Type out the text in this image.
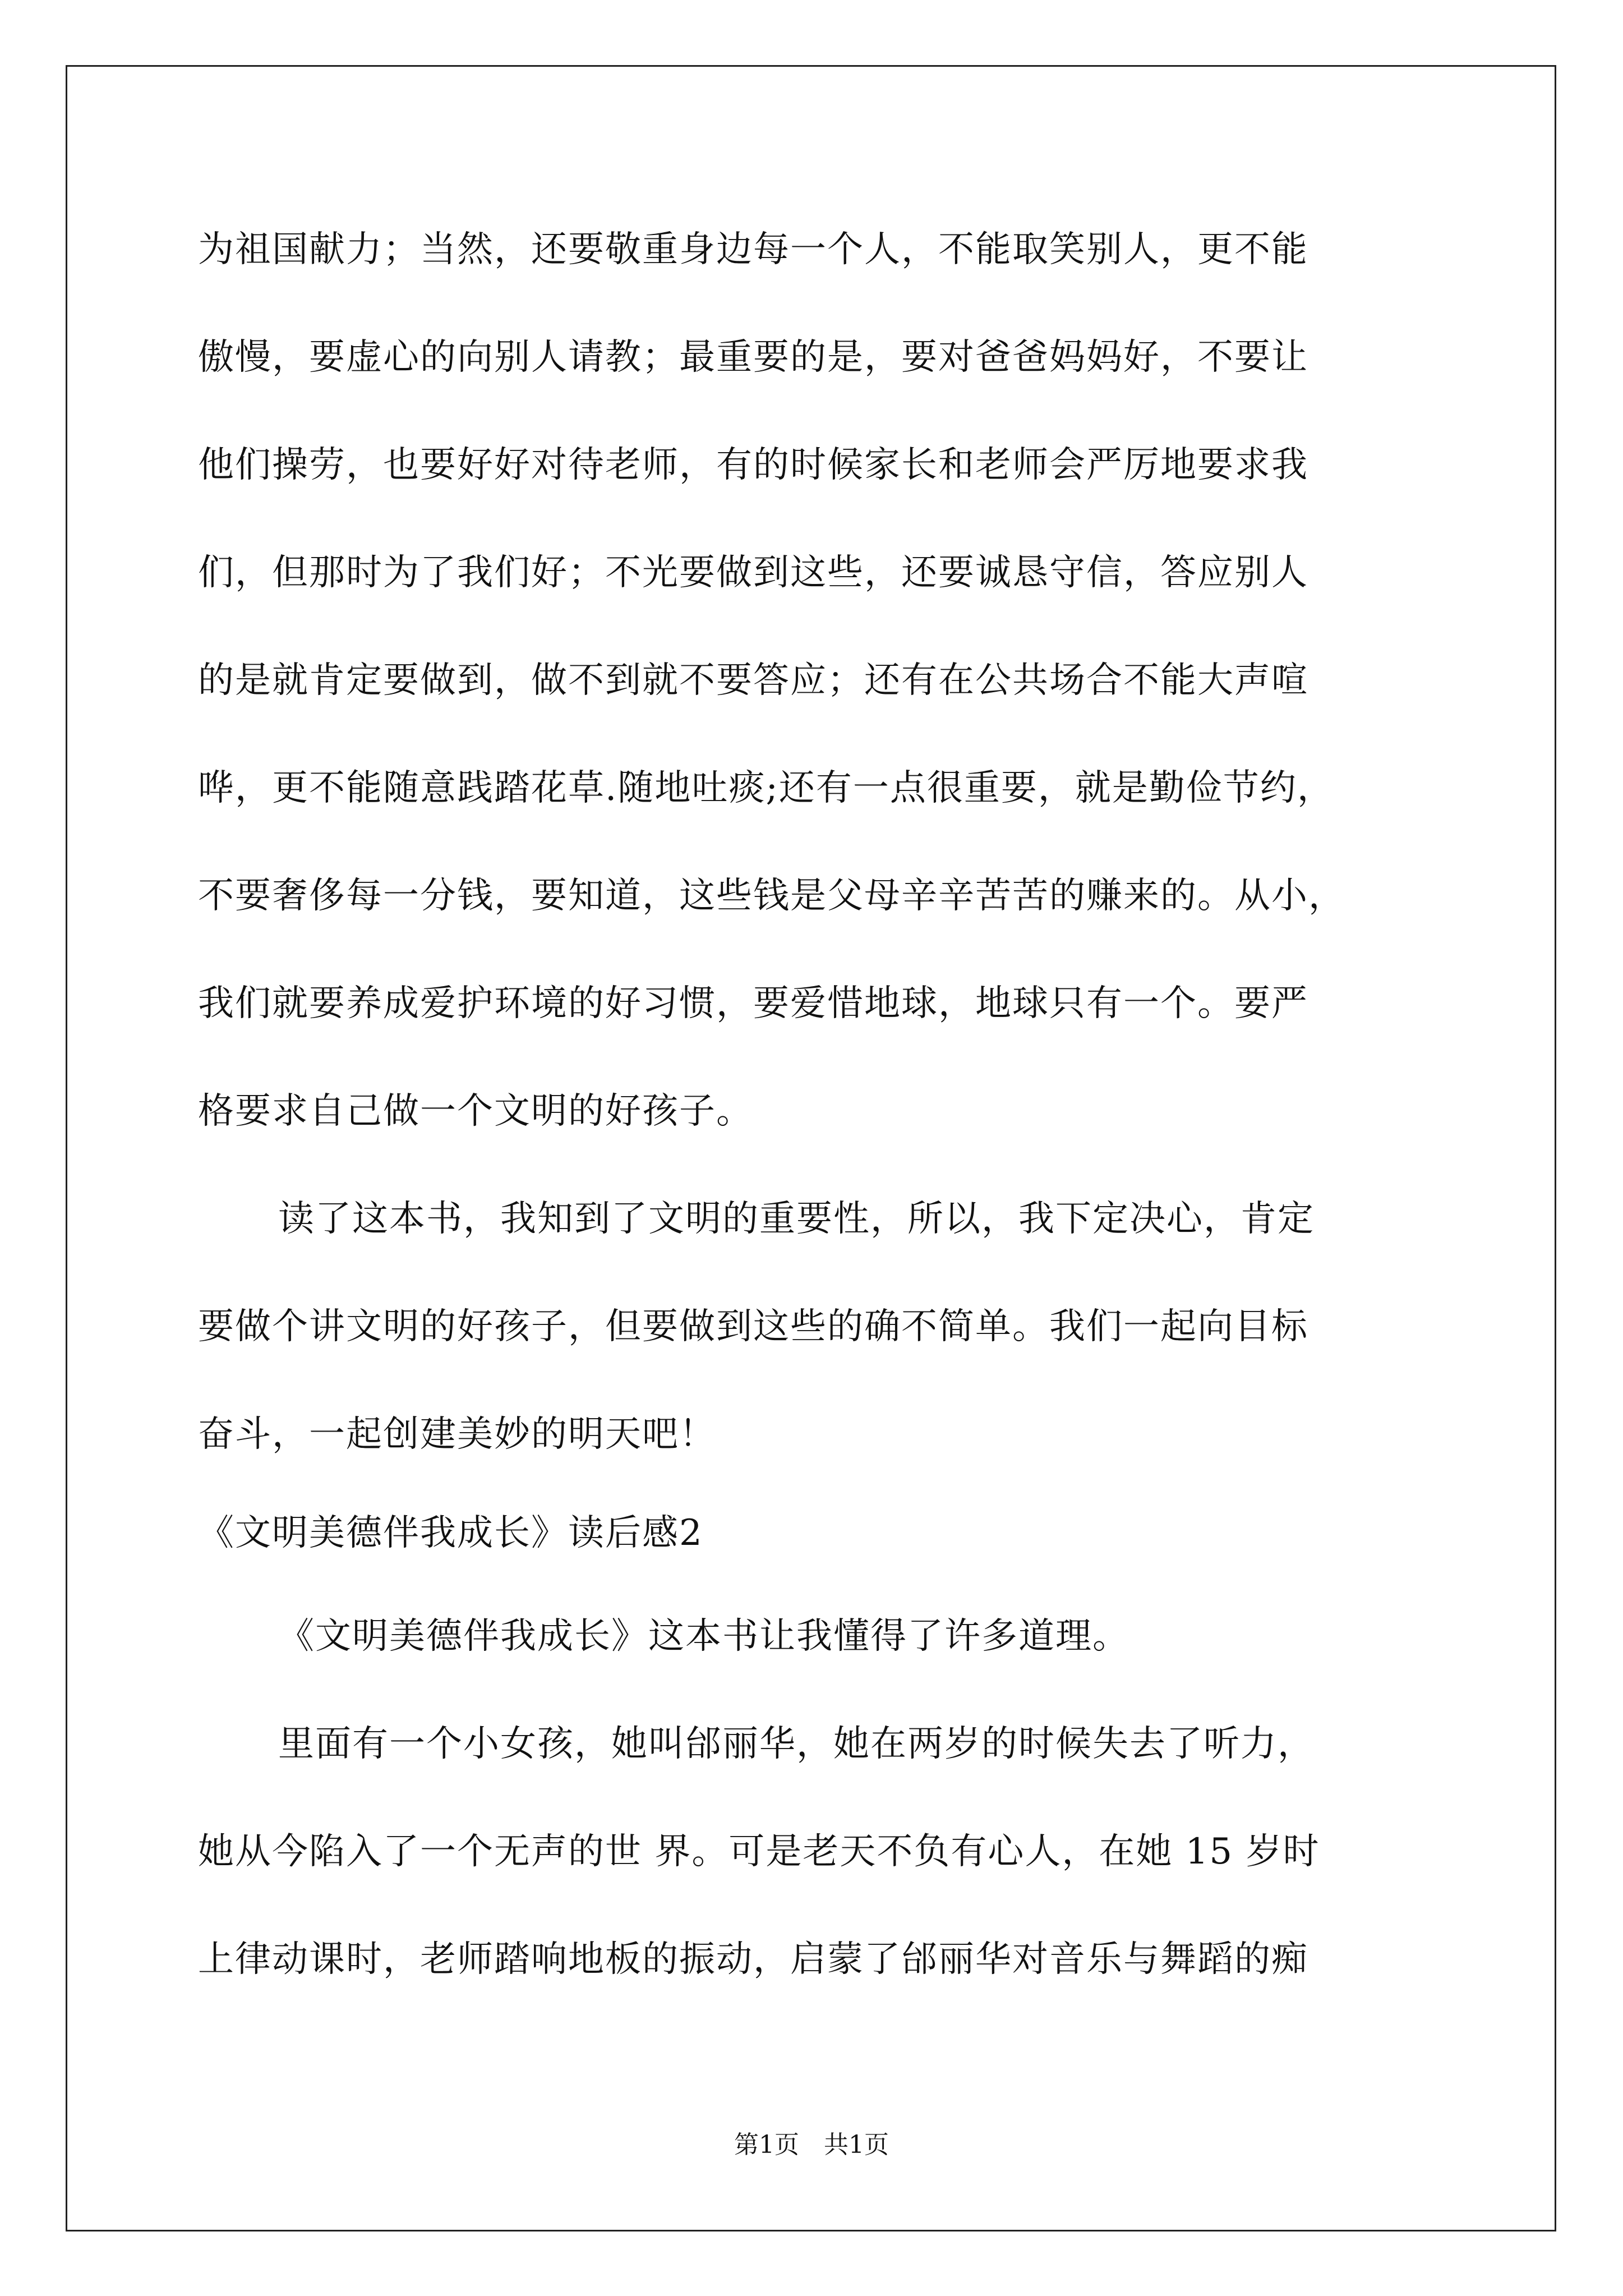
为祖国献力；当然，还要敬重身边每一个人，不能取笑别人，更不能
傲慢，要虚心的向别人请教；最重要的是，要对爸爸妈妈好，不要让
他们操劳，也要好好对待老师，有的时候家长和老师会严厉地要求我
们，但那时为了我们好；不光要做到这些，还要诚恳守信，答应别人
的是就肯定要做到，做不到就不要答应；还有在公共场合不能大声喧
哗，更不能随意践踏花草.随地吐痰;还有一点很重要，就是勤俭节约，
不要奢侈每一分钱，要知道，这些钱是父母辛辛苦苦的赚来的。从小，
我们就要养成爱护环境的好习惯，要爱惜地球，地球只有一个。要严
格要求自己做一个文明的好孩子。
读了这本书，我知到了文明的重要性，所以，我下定决心，肯定
要做个讲文明的好孩子，但要做到这些的确不简单。我们一起向目标
奋斗，一起创建美妙的明天吧！
《文明美德伴我成长》读后感2
《文明美德伴我成长》这本书让我懂得了许多道理。
里面有一个小女孩，她叫邰丽华，她在两岁的时候失去了听力，
她从今陷入了一个无声的世 界。可是老天不负有心人，在她 15 岁时
上律动课时，老师踏响地板的振动，启蒙了邰丽华对音乐与舞蹈的痴
第1页 共1页
